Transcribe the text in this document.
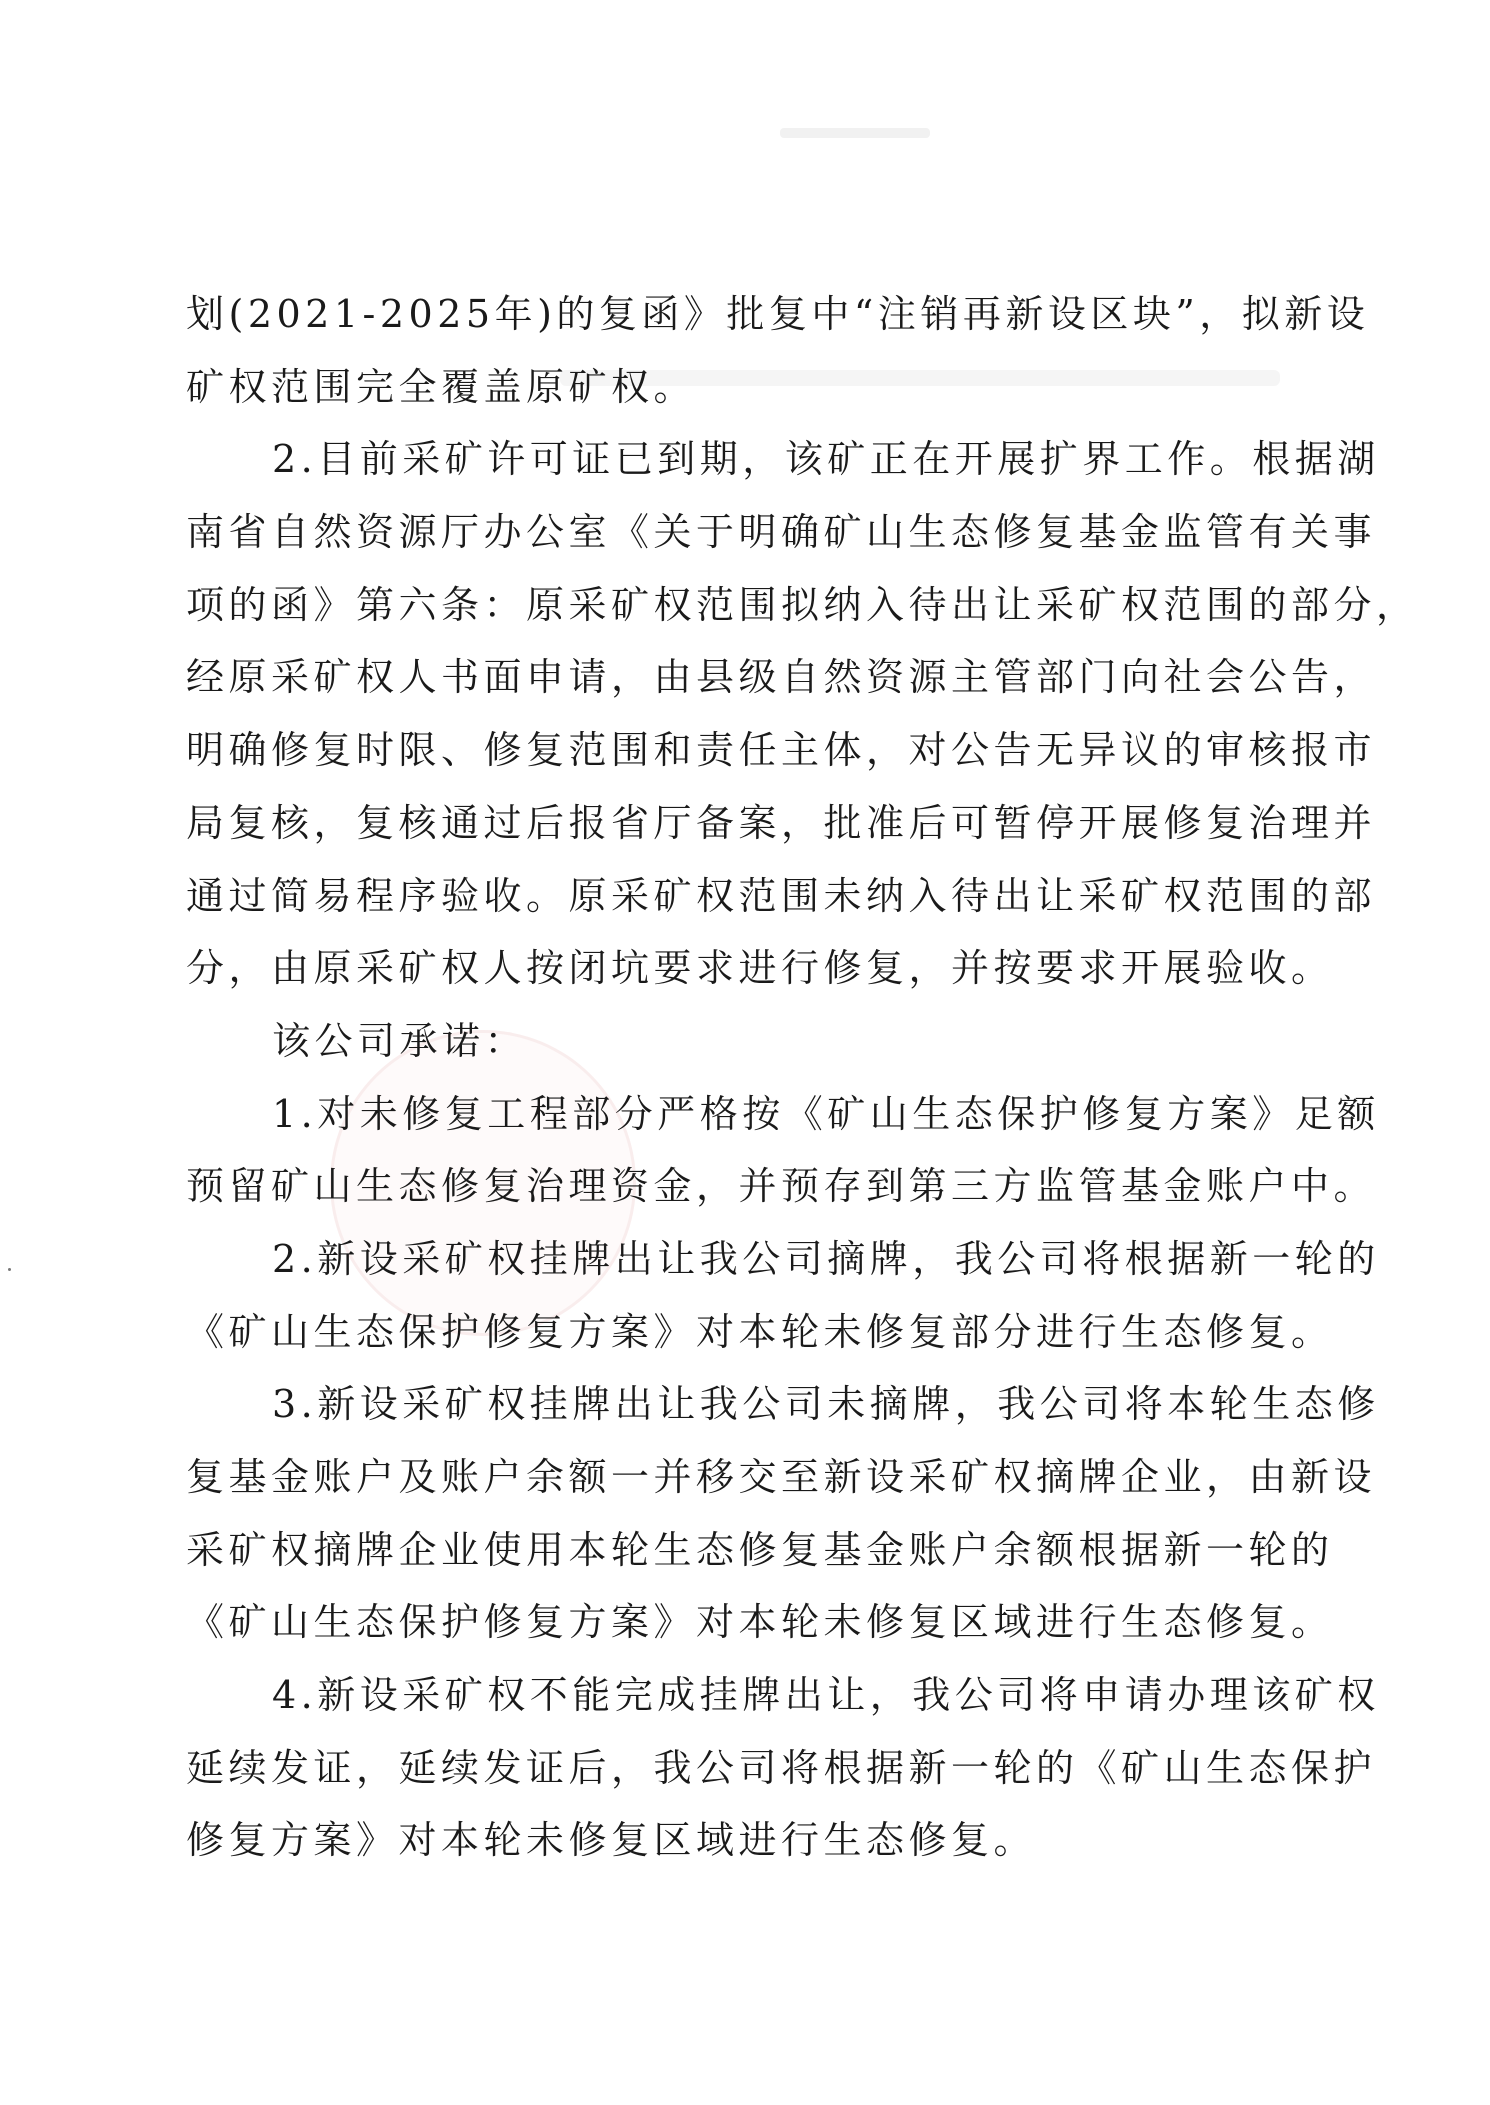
划(2021-2025年)的复函》批复中“注销再新设区块”，拟新设

矿权范围完全覆盖原矿权。

2.目前采矿许可证已到期，该矿正在开展扩界工作。根据湖

南省自然资源厅办公室《关于明确矿山生态修复基金监管有关事

项的函》第六条：原采矿权范围拟纳入待出让采矿权范围的部分，

经原采矿权人书面申请，由县级自然资源主管部门向社会公告，

明确修复时限、修复范围和责任主体，对公告无异议的审核报市

局复核，复核通过后报省厅备案，批准后可暂停开展修复治理并

通过简易程序验收。原采矿权范围未纳入待出让采矿权范围的部

分，由原采矿权人按闭坑要求进行修复，并按要求开展验收。

该公司承诺：

1.对未修复工程部分严格按《矿山生态保护修复方案》足额

预留矿山生态修复治理资金，并预存到第三方监管基金账户中。

2.新设采矿权挂牌出让我公司摘牌，我公司将根据新一轮的

《矿山生态保护修复方案》对本轮未修复部分进行生态修复。

3.新设采矿权挂牌出让我公司未摘牌，我公司将本轮生态修

复基金账户及账户余额一并移交至新设采矿权摘牌企业，由新设

采矿权摘牌企业使用本轮生态修复基金账户余额根据新一轮的

《矿山生态保护修复方案》对本轮未修复区域进行生态修复。

4.新设采矿权不能完成挂牌出让，我公司将申请办理该矿权

延续发证，延续发证后，我公司将根据新一轮的《矿山生态保护

修复方案》对本轮未修复区域进行生态修复。
